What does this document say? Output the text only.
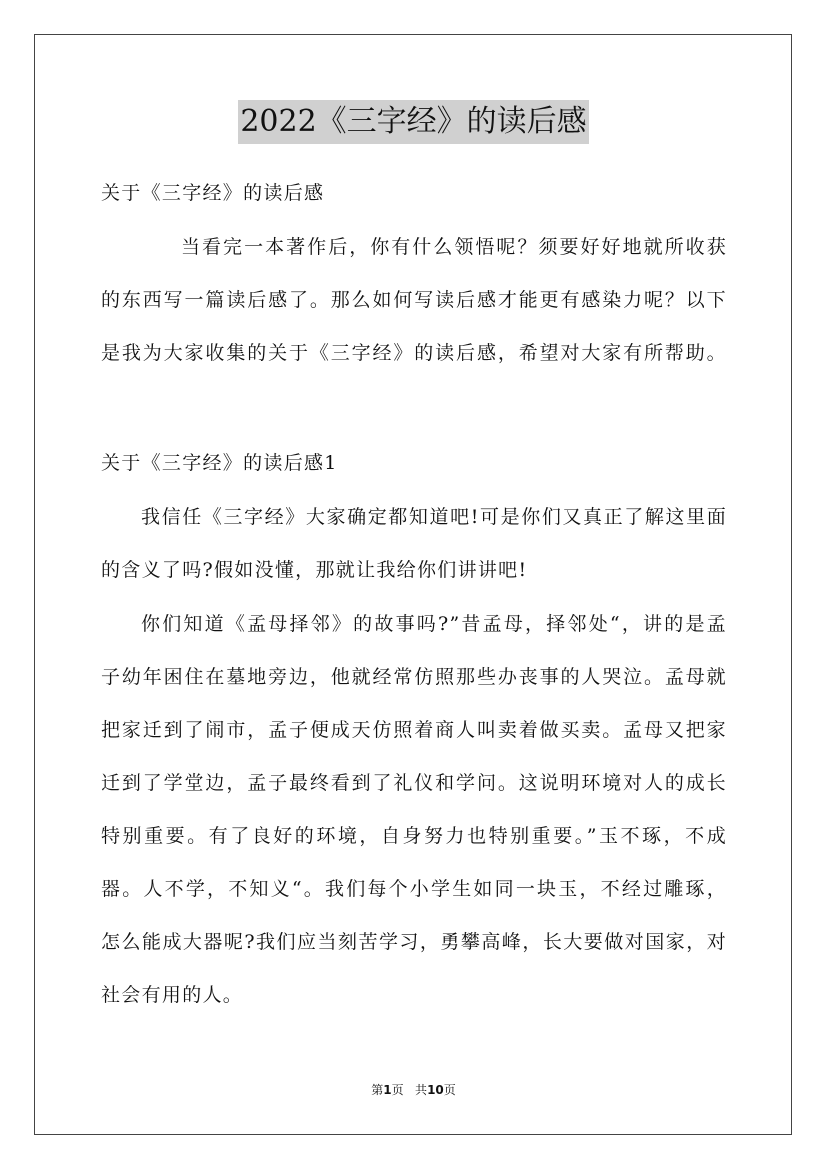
2022《三字经》的读后感
关于《三字经》的读后感
当看完一本著作后，你有什么领悟呢？须要好好地就所收获
的东西写一篇读后感了。那么如何写读后感才能更有感染力呢？以下
是我为大家收集的关于《三字经》的读后感，希望对大家有所帮助。
关于《三字经》的读后感1
我信任《三字经》大家确定都知道吧!可是你们又真正了解这里面
的含义了吗?假如没懂，那就让我给你们讲讲吧!
你们知道《孟母择邻》的故事吗?”昔孟母，择邻处“，讲的是孟
子幼年困住在墓地旁边，他就经常仿照那些办丧事的人哭泣。孟母就
把家迁到了闹市，孟子便成天仿照着商人叫卖着做买卖。孟母又把家
迁到了学堂边，孟子最终看到了礼仪和学问。这说明环境对人的成长
特别重要。有了良好的环境，自身努力也特别重要。”玉不琢，不成
器。人不学，不知义“。我们每个小学生如同一块玉，不经过雕琢，
怎么能成大器呢?我们应当刻苦学习，勇攀高峰，长大要做对国家，对
社会有用的人。
第1页 共10页
